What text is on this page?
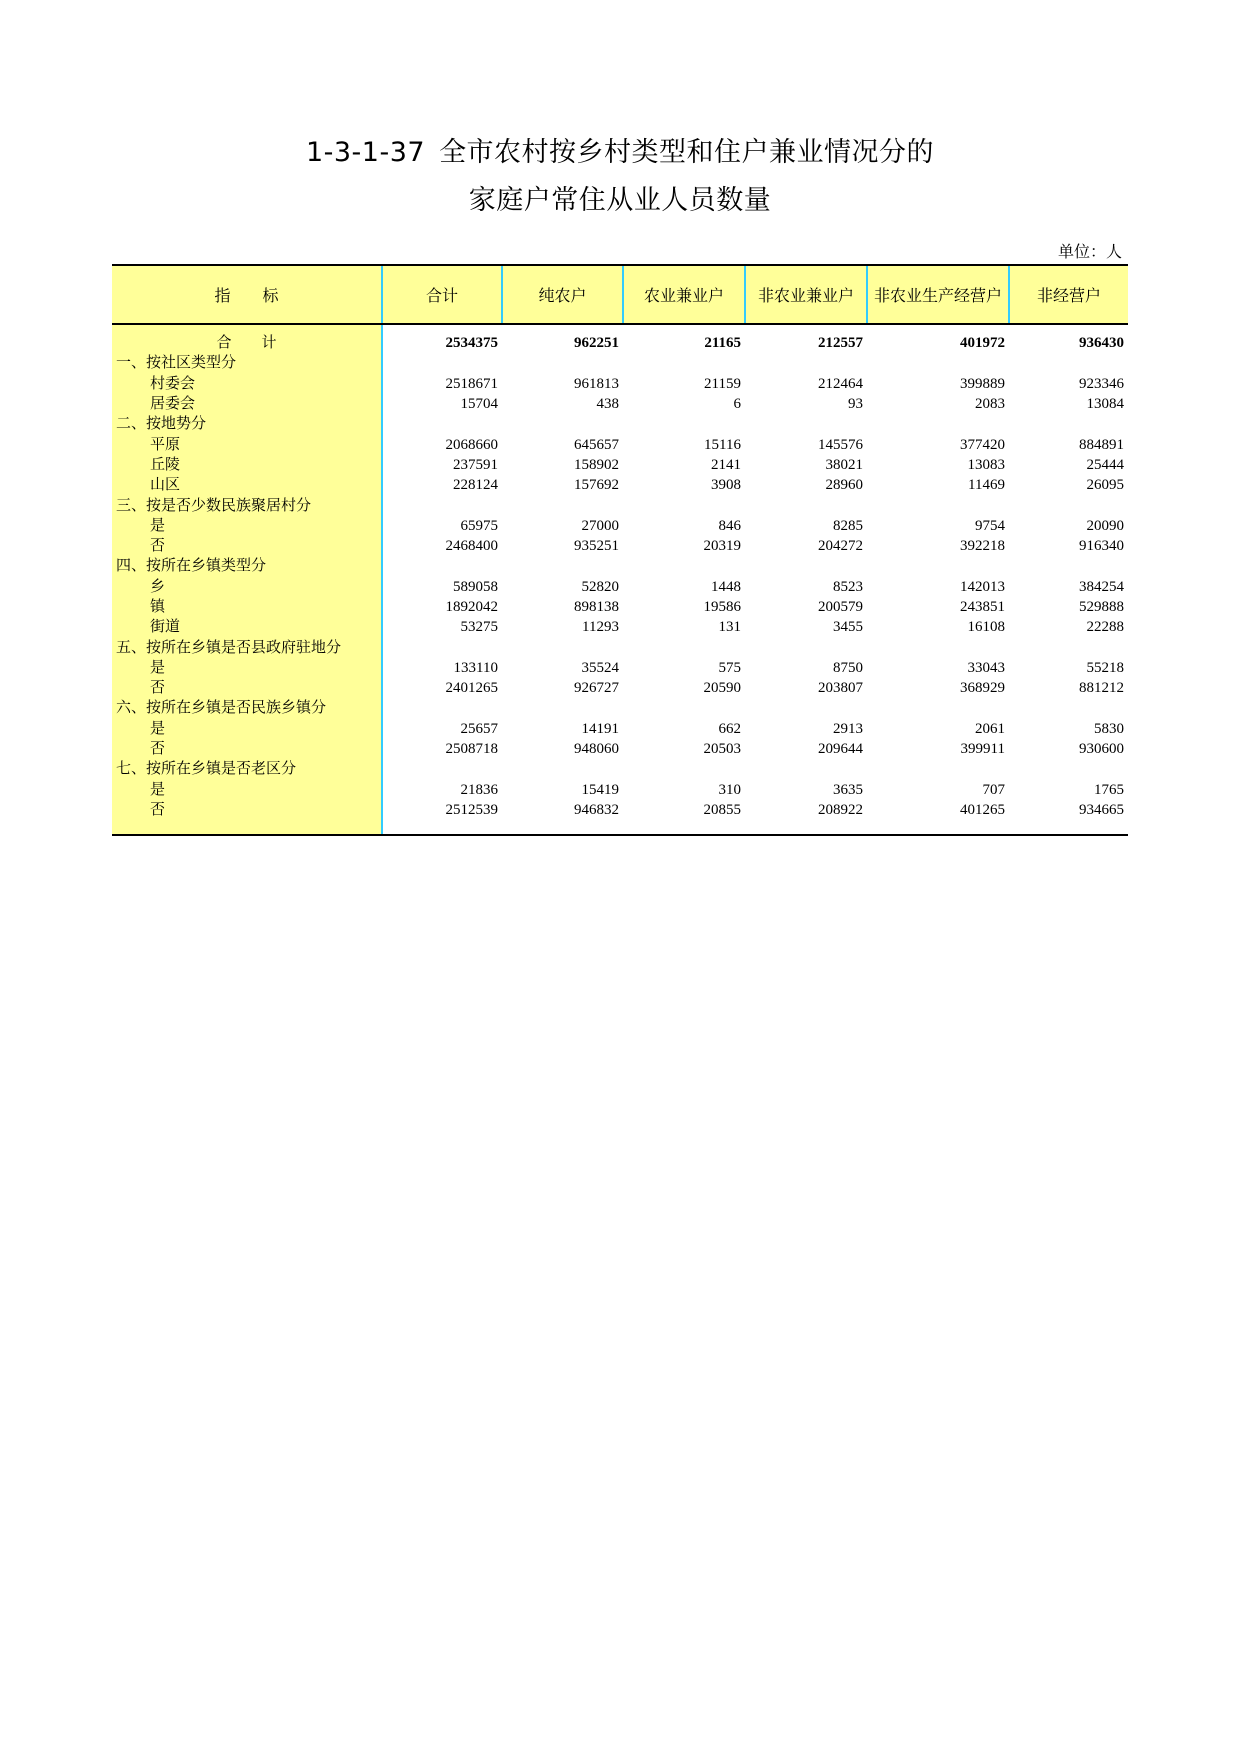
1-3-1-37 全市农村按乡村类型和住户兼业情况分的
家庭户常住从业人员数量
单位：人
指　　标	合计	纯农户	农业兼业户	非农业兼业户	非农业生产经营户	非经营户

合　　计	2534375	962251	21165	212557	401972	936430
一、按社区类型分						
村委会	2518671	961813	21159	212464	399889	923346
居委会	15704	438	6	93	2083	13084
二、按地势分						
平原	2068660	645657	15116	145576	377420	884891
丘陵	237591	158902	2141	38021	13083	25444
山区	228124	157692	3908	28960	11469	26095
三、按是否少数民族聚居村分						
是	65975	27000	846	8285	9754	20090
否	2468400	935251	20319	204272	392218	916340
四、按所在乡镇类型分						
乡	589058	52820	1448	8523	142013	384254
镇	1892042	898138	19586	200579	243851	529888
街道	53275	11293	131	3455	16108	22288
五、按所在乡镇是否县政府驻地分						
是	133110	35524	575	8750	33043	55218
否	2401265	926727	20590	203807	368929	881212
六、按所在乡镇是否民族乡镇分						
是	25657	14191	662	2913	2061	5830
否	2508718	948060	20503	209644	399911	930600
七、按所在乡镇是否老区分						
是	21836	15419	310	3635	707	1765
否	2512539	946832	20855	208922	401265	934665
